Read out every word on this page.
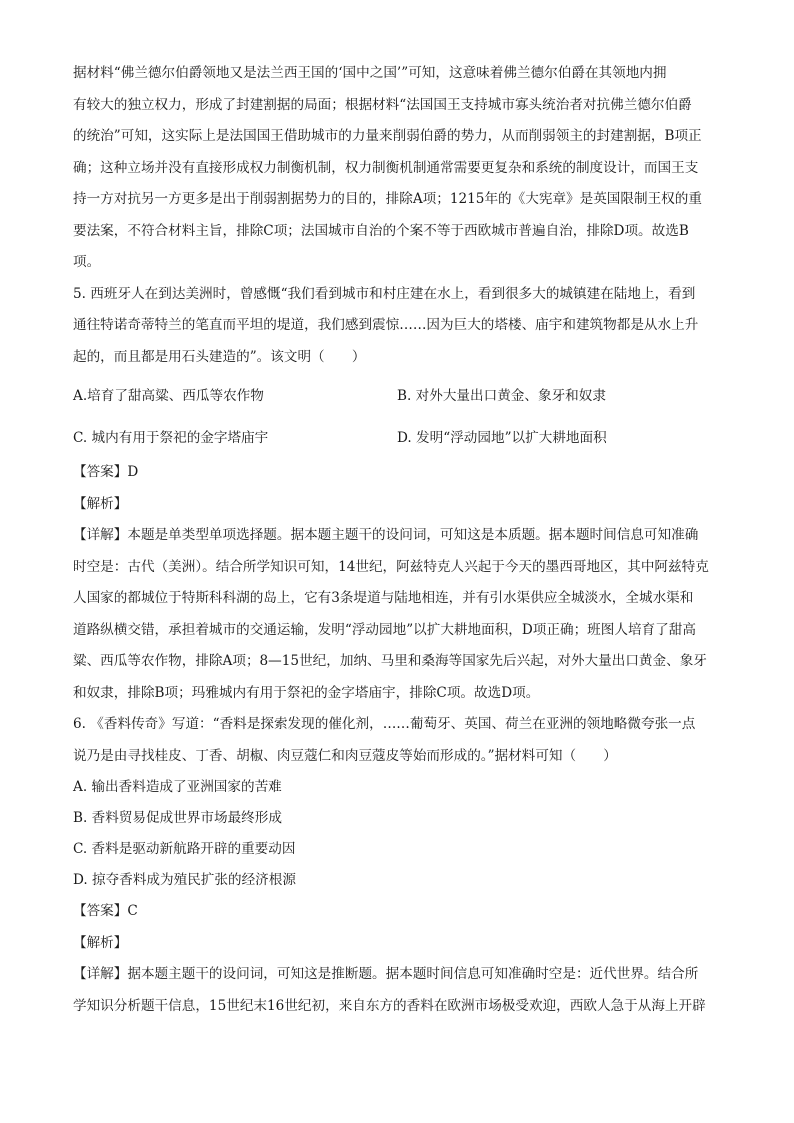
据材料“佛兰德尔伯爵领地又是法兰西王国的‘国中之国’”可知，这意味着佛兰德尔伯爵在其领地内拥
有较大的独立权力，形成了封建割据的局面；根据材料“法国国王支持城市寡头统治者对抗佛兰德尔伯爵
的统治”可知，这实际上是法国国王借助城市的力量来削弱伯爵的势力，从而削弱领主的封建割据，B项正
确；这种立场并没有直接形成权力制衡机制，权力制衡机制通常需要更复杂和系统的制度设计，而国王支
持一方对抗另一方更多是出于削弱割据势力的目的，排除A项；1215年的《大宪章》是英国限制王权的重
要法案，不符合材料主旨，排除C项；法国城市自治的个案不等于西欧城市普遍自治，排除D项。故选B
项。
5. 西班牙人在到达美洲时，曾感慨“我们看到城市和村庄建在水上，看到很多大的城镇建在陆地上，看到
通往特诺奇蒂特兰的笔直而平坦的堤道，我们感到震惊……因为巨大的塔楼、庙宇和建筑物都是从水上升
起的，而且都是用石头建造的”。该文明（　　）
A.培育了甜高粱、西瓜等农作物	B. 对外大量出口黄金、象牙和奴隶
C. 城内有用于祭祀的金字塔庙宇	D. 发明“浮动园地”以扩大耕地面积
【答案】D
【解析】
【详解】本题是单类型单项选择题。据本题主题干的设问词，可知这是本质题。据本题时间信息可知准确
时空是：古代（美洲）。结合所学知识可知，14世纪，阿兹特克人兴起于今天的墨西哥地区，其中阿兹特克
人国家的都城位于特斯科科湖的岛上，它有3条堤道与陆地相连，并有引水渠供应全城淡水，全城水渠和
道路纵横交错，承担着城市的交通运输，发明“浮动园地”以扩大耕地面积，D项正确；班图人培育了甜高
粱、西瓜等农作物，排除A项；8—15世纪，加纳、马里和桑海等国家先后兴起，对外大量出口黄金、象牙
和奴隶，排除B项；玛雅城内有用于祭祀的金字塔庙宇，排除C项。故选D项。
6. 《香料传奇》写道：“香料是探索发现的催化剂，……葡萄牙、英国、荷兰在亚洲的领地略微夸张一点
说乃是由寻找桂皮、丁香、胡椒、肉豆蔻仁和肉豆蔻皮等始而形成的。”据材料可知（　　）
A. 输出香料造成了亚洲国家的苦难
B. 香料贸易促成世界市场最终形成
C. 香料是驱动新航路开辟的重要动因
D. 掠夺香料成为殖民扩张的经济根源
【答案】C
【解析】
【详解】据本题主题干的设问词，可知这是推断题。据本题时间信息可知准确时空是：近代世界。结合所
学知识分析题干信息，15世纪末16世纪初，来自东方的香料在欧洲市场极受欢迎，西欧人急于从海上开辟
